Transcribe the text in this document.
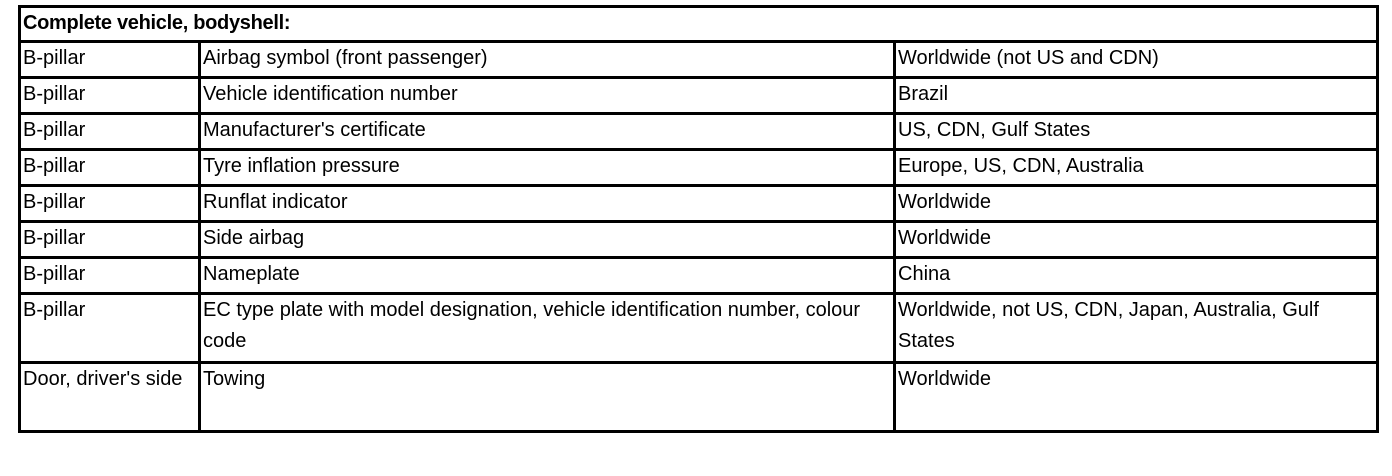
Complete vehicle, bodyshell:		
B-pillar	Airbag symbol (front passenger)	Worldwide (not US and CDN)
B-pillar	Vehicle identification number	Brazil
B-pillar	Manufacturer's certificate	US, CDN, Gulf States
B-pillar	Tyre inflation pressure	Europe, US, CDN, Australia
B-pillar	Runflat indicator	Worldwide
B-pillar	Side airbag	Worldwide
B-pillar	Nameplate	China
B-pillar	EC type plate with model designation, vehicle identification number, colour code	Worldwide, not US, CDN, Japan, Australia, Gulf States
Door, driver's side	Towing	Worldwide
